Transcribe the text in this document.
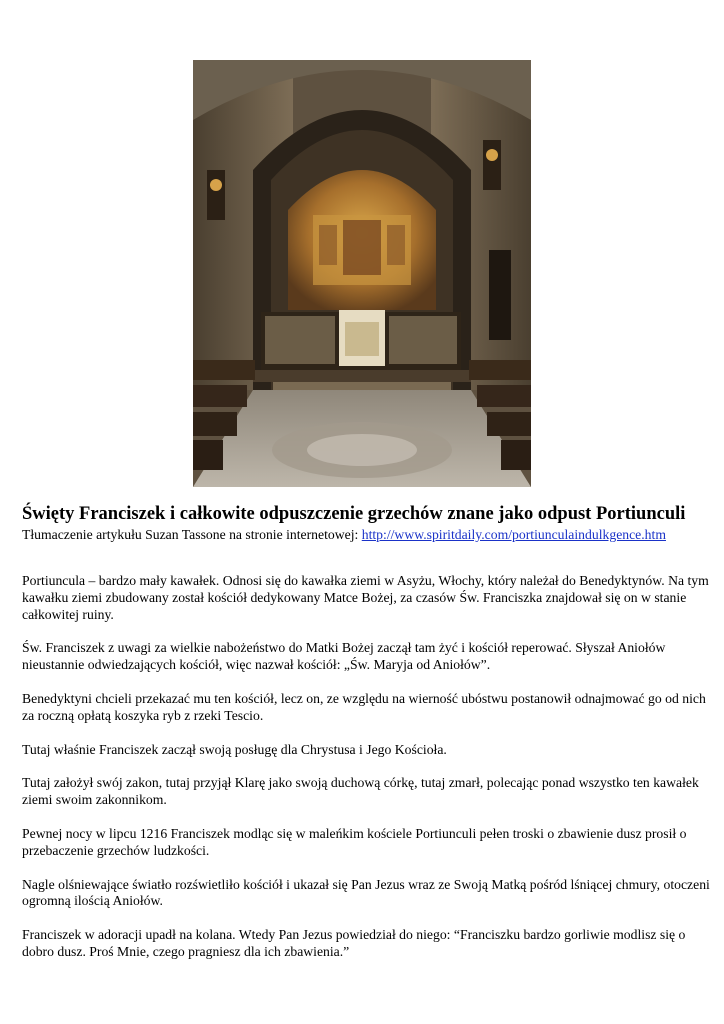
Święty Franciszek i całkowite odpuszczenie grzechów znane jako odpust Portiunculi

Tłumaczenie artykułu Suzan Tassone na stronie internetowej: http://www.spiritdaily.com/portiunculaindulkgence.htm

Portiuncula – bardzo mały kawałek. Odnosi się do kawałka ziemi w Asyżu, Włochy, który należał do Benedyktynów. Na tym kawałku ziemi zbudowany został kościół dedykowany Matce Bożej, za czasów Św. Franciszka znajdował się on w stanie całkowitej ruiny.

Św. Franciszek z uwagi za wielkie nabożeństwo do Matki Bożej zaczął tam żyć i kościół reperować. Słyszał Aniołów nieustannie odwiedzających kościół, więc nazwał kościół: „Św. Maryja od Aniołów”.

Benedyktyni chcieli przekazać mu ten kościół, lecz on, ze względu na wierność ubóstwu postanowił odnajmować go od nich za roczną opłatą koszyka ryb z rzeki Tescio.

Tutaj właśnie Franciszek zaczął swoją posługę dla Chrystusa i Jego Kościoła.

Tutaj założył swój zakon, tutaj przyjął Klarę jako swoją duchową córkę, tutaj zmarł, polecając ponad wszystko ten kawałek ziemi swoim zakonnikom.

Pewnej nocy w lipcu 1216 Franciszek modląc się w maleńkim kościele Portiunculi pełen troski o zbawienie dusz prosił o przebaczenie grzechów ludzkości.

Nagle olśniewające światło rozświetliło kościół i ukazał się Pan Jezus wraz ze Swoją Matką pośród lśniącej chmury, otoczeni ogromną ilością Aniołów.

Franciszek w adoracji upadł na kolana. Wtedy Pan Jezus powiedział do niego: “Franciszku bardzo gorliwie modlisz się o dobro dusz. Proś Mnie, czego pragniesz dla ich zbawienia.”
